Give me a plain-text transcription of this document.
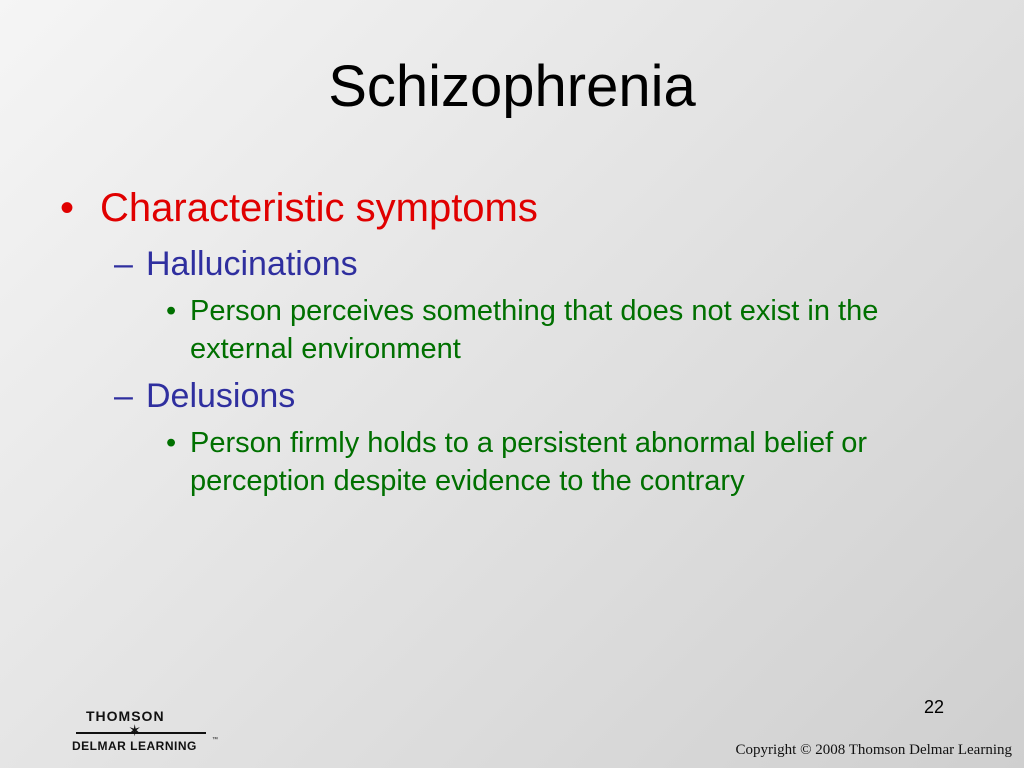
Schizophrenia
• Characteristic symptoms
– Hallucinations
• Person perceives something that does not exist in the external environment
– Delusions
• Person firmly holds to a persistent abnormal belief or perception despite evidence to the contrary
22
THOMSON
✶
DELMAR LEARNING	™
Copyright © 2008 Thomson Delmar Learning
